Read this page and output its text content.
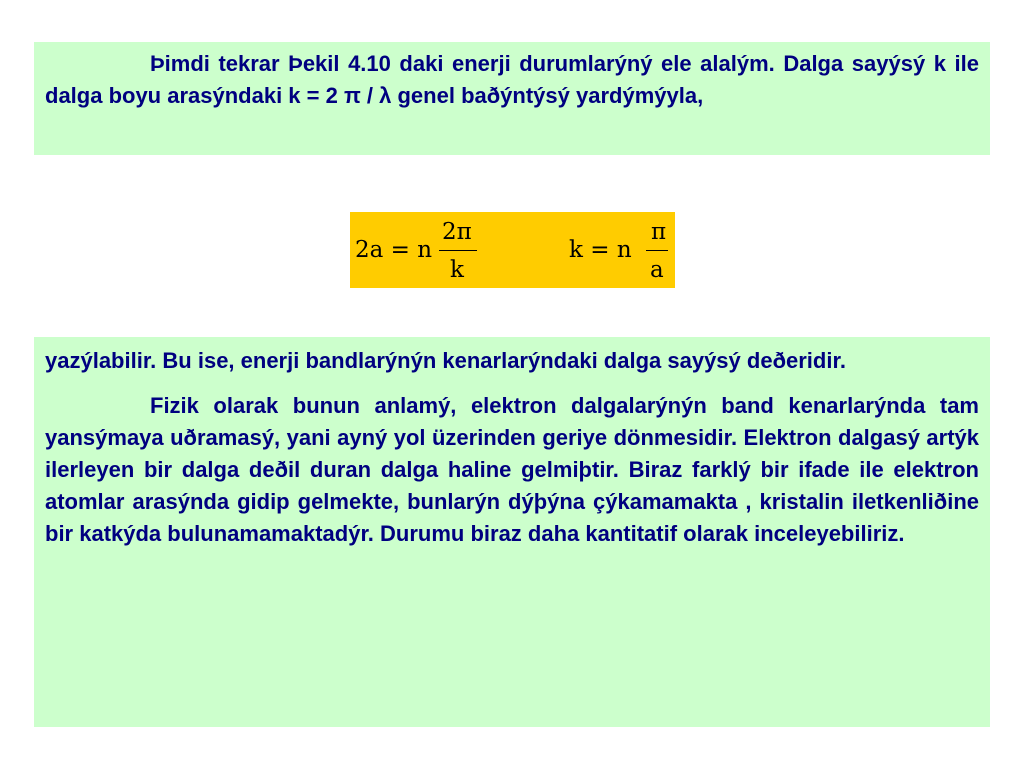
Þimdi tekrar Þekil 4.10 daki enerji durumlarýný ele alalým. Dalga sayýsý k ile dalga boyu arasýndaki k = 2 π / λ genel baðýntýsý yardýmýyla,

2a = n
2π
k
k = n
π
a

yazýlabilir. Bu ise, enerji bandlarýnýn kenarlarýndaki dalga sayýsý deðeridir.

Fizik olarak bunun anlamý, elektron dalgalarýnýn band kenarlarýnda tam yansýmaya uðramasý, yani ayný yol üzerinden geriye dönmesidir. Elektron dalgasý artýk ilerleyen bir dalga deðil duran dalga haline gelmiþtir. Biraz farklý bir ifade ile elektron atomlar arasýnda gidip gelmekte, bunlarýn dýþýna çýkamamakta , kristalin iletkenliðine bir katkýda bulunamamaktadýr. Durumu biraz daha kantitatif olarak inceleyebiliriz.
